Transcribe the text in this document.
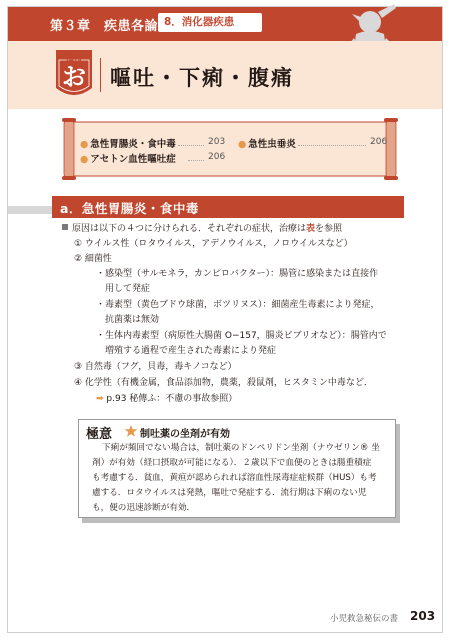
第３章　疾患各論 8．消化器疾患
秘傳
お 嘔吐・下痢・腹痛
● 急性胃腸炎・食中毒	203 ● 急性虫垂炎	206
● アセトン血性嘔吐症	206
a．急性胃腸炎・食中毒
原因は以下の４つに分けられる．それぞれの症状，治療は表を参照
① ウイルス性（ロタウイルス，アデノウイルス，ノロウイルスなど）
② 細菌性
・感染型（サルモネラ，カンピロバクター）：腸管に感染または直接作
　用して発症
・毒素型（黄色ブドウ球菌，ボツリヌス）：細菌産生毒素により発症，
　抗菌薬は無効
・生体内毒素型（病原性大腸菌 O−157，腸炎ビブリオなど）：腸管内で
　増殖する過程で産生された毒素により発症
③ 自然毒（フグ，貝毒，毒キノコなど）
④ 化学性（有機金属，食品添加物，農薬，殺鼠剤，ヒスタミン中毒など．
➡ p.93 秘傳ふ：不慮の事故参照）
極意	制吐薬の坐剤が有効
下痢が頻回でない場合は，制吐薬のドンペリドン坐剤（ナウゼリン® 坐
剤）が有効（経口摂取が可能になる）．２歳以下で血便のときは腸重積症
も考慮する．貧血，黄疸が認められれば溶血性尿毒症症候群（HUS）も考
慮する．ロタウイルスは発熱，嘔吐で発症する．流行期は下痢のない児
も，便の迅速診断が有効．
小児救急秘伝の書 203
